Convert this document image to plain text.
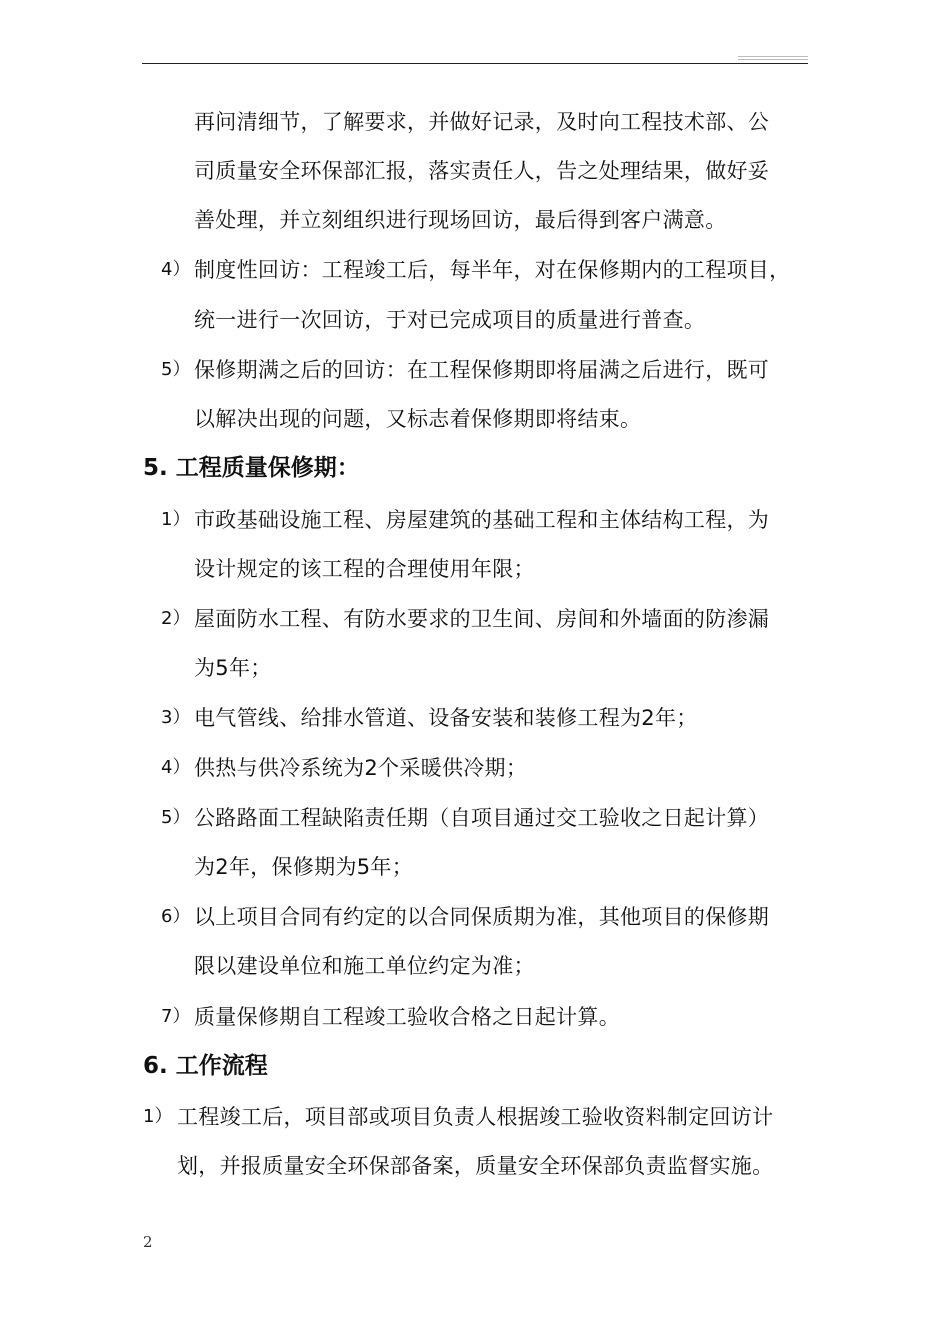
再问清细节，了解要求，并做好记录，及时向工程技术部、公
司质量安全环保部汇报，落实责任人，告之处理结果，做好妥
善处理，并立刻组织进行现场回访，最后得到客户满意。
4） 制度性回访：工程竣工后，每半年，对在保修期内的工程项目，
统一进行一次回访，于对已完成项目的质量进行普查。
5） 保修期满之后的回访：在工程保修期即将届满之后进行，既可
以解决出现的问题，又标志着保修期即将结束。
5. 工程质量保修期：
1） 市政基础设施工程、房屋建筑的基础工程和主体结构工程，为
设计规定的该工程的合理使用年限；
2） 屋面防水工程、有防水要求的卫生间、房间和外墙面的防渗漏
为5年；
3） 电气管线、给排水管道、设备安装和装修工程为2年；
4） 供热与供冷系统为2个采暖供冷期；
5） 公路路面工程缺陷责任期（自项目通过交工验收之日起计算）
为2年，保修期为5年；
6） 以上项目合同有约定的以合同保质期为准，其他项目的保修期
限以建设单位和施工单位约定为准；
7） 质量保修期自工程竣工验收合格之日起计算。
6. 工作流程
1） 工程竣工后，项目部或项目负责人根据竣工验收资料制定回访计
划，并报质量安全环保部备案，质量安全环保部负责监督实施。
2
